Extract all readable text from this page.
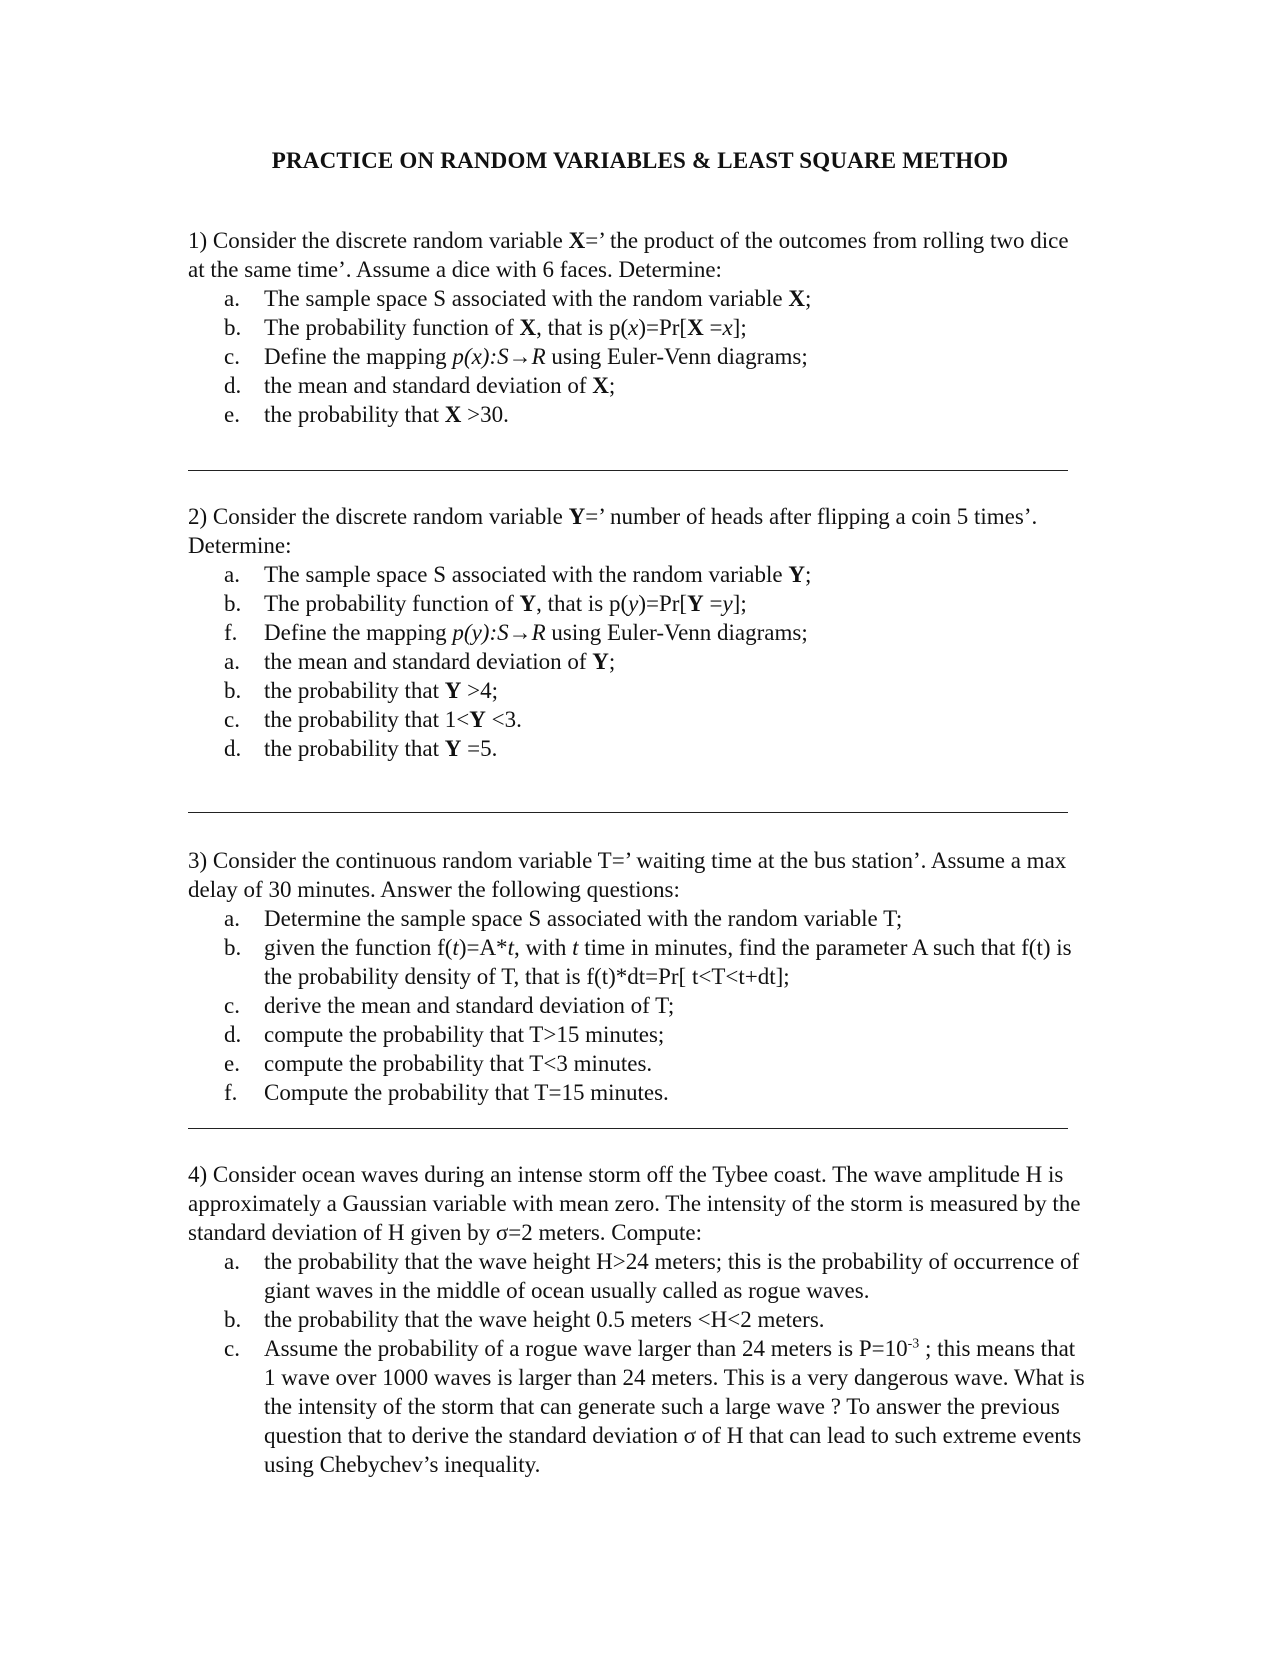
PRACTICE ON RANDOM VARIABLES & LEAST SQUARE METHOD

1) Consider the discrete random variable X=’ the product of the outcomes from rolling two dice at the same time’. Assume a dice with 6 faces. Determine:

a.	The sample space S associated with the random variable X;
b. The probability function of X, that is p(x)=Pr[X =x];
c.	Define the mapping p(x):S→R using Euler-Venn diagrams;
d. the mean and standard deviation of X;
e.	the probability that X >30.

2) Consider the discrete random variable Y=’ number of heads after flipping a coin 5 times’. Determine:

a.	The sample space S associated with the random variable Y;
b. The probability function of Y, that is p(y)=Pr[Y =y];
f.	Define the mapping p(y):S→R using Euler-Venn diagrams;
a.	the mean and standard deviation of Y;
b. the probability that Y >4;
c.	the probability that 1<Y <3.
d. the probability that Y =5.

3) Consider the continuous random variable T=’ waiting time at the bus station’. Assume a max delay of 30 minutes. Answer the following questions:

a.	Determine the sample space S associated with the random variable T;
b. given the function f(t)=A*t, with t time in minutes, find the parameter A such that f(t) is the probability density of T, that is f(t)*dt=Pr[ t<T<t+dt];
c.	derive the mean and standard deviation of T;
d. compute the probability that T>15 minutes;
e.	compute the probability that T<3 minutes.
f.	Compute the probability that T=15 minutes.

4) Consider ocean waves during an intense storm off the Tybee coast. The wave amplitude H is approximately a Gaussian variable with mean zero. The intensity of the storm is measured by the standard deviation of H given by σ=2 meters. Compute:

a.	the probability that the wave height H>24 meters; this is the probability of occurrence of giant waves in the middle of ocean usually called as rogue waves.
b. the probability that the wave height 0.5 meters <H<2 meters.
c.	Assume the probability of a rogue wave larger than 24 meters is $P=10^{-3}$ ; this means that 1 wave over 1000 waves is larger than 24 meters. This is a very dangerous wave. What is the intensity of the storm that can generate such a large wave ? To answer the previous question that to derive the standard deviation σ of H that can lead to such extreme events using Chebychev’s inequality.
